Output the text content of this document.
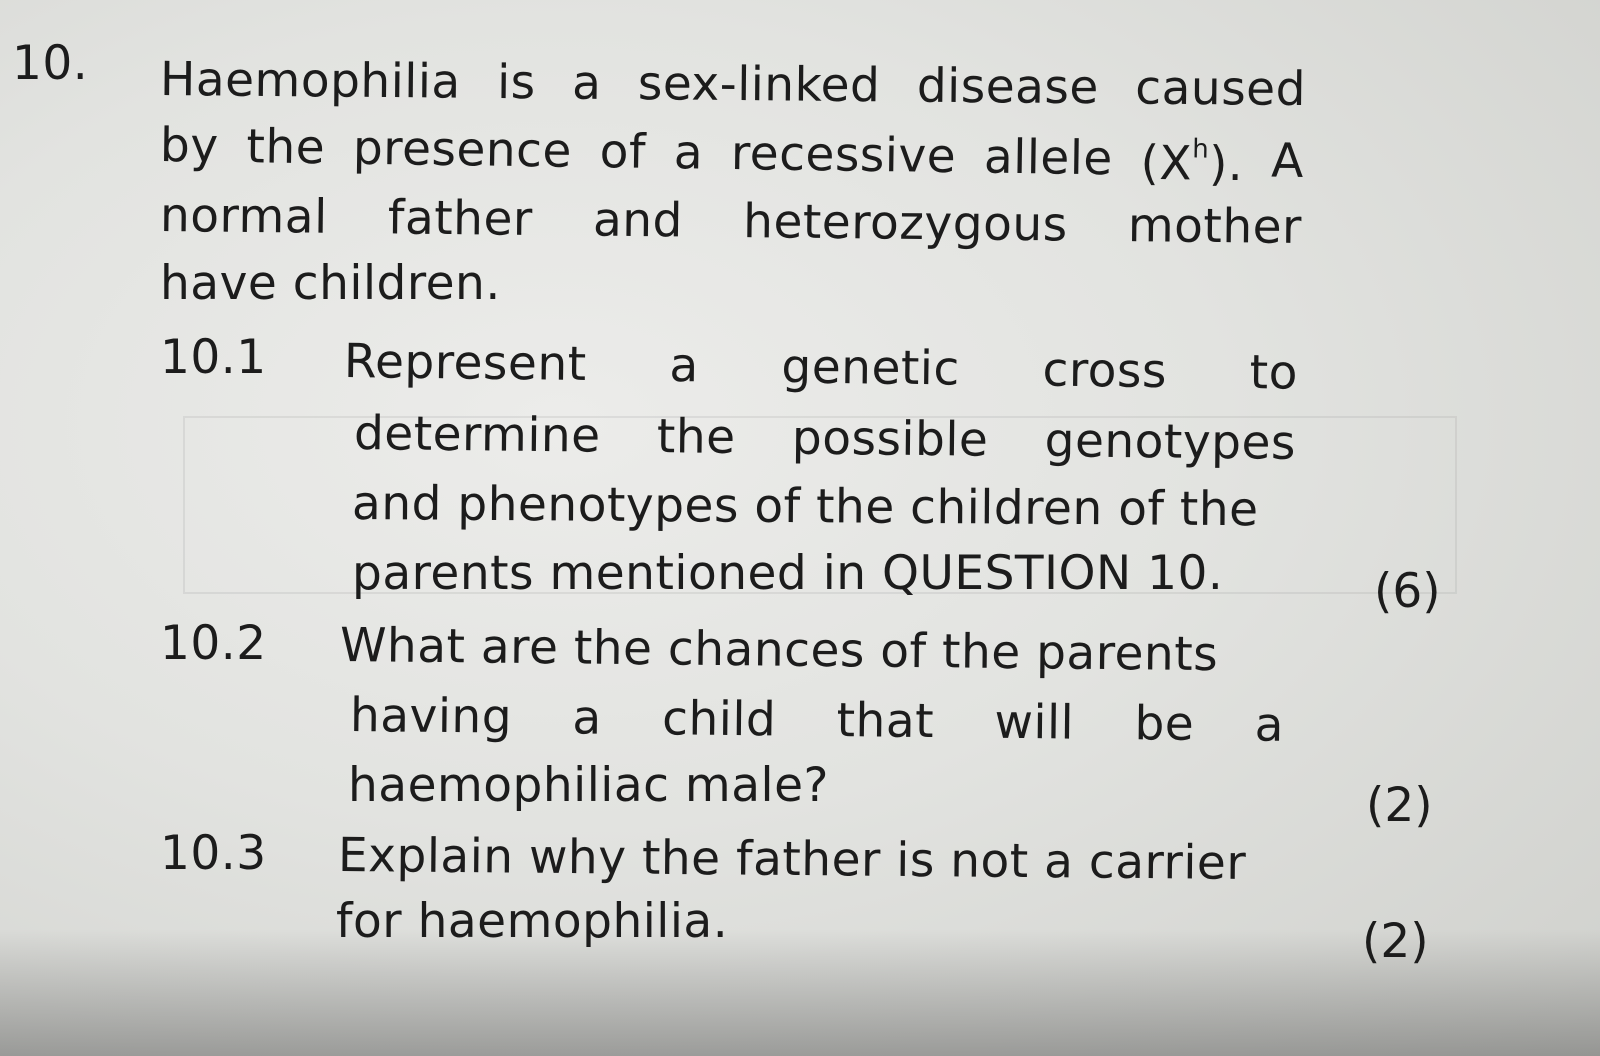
10. Haemophilia is a sex-linked disease caused
by the presence of a recessive allele $(X^h)$. A
normal father and heterozygous mother
have children.
10.1 Represent a genetic cross to
determine the possible genotypes
and phenotypes of the children of the
parents mentioned in QUESTION 10.	(6)
10.2 What are the chances of the parents
having a child that will be a
haemophiliac male?	(2)
10.3 Explain why the father is not a carrier
for haemophilia.	(2)
